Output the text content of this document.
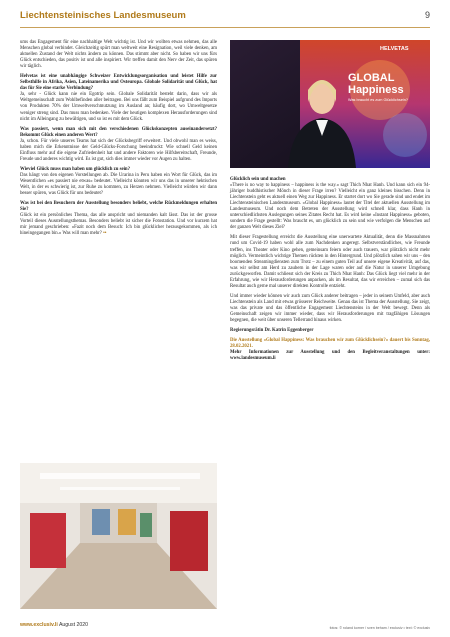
Liechtensteinisches Landesmuseum	9
HELVETAS
GLOBAL Happiness
Was braucht es zum Glücklichsein?

ums das Engagement für eine nachhaltige Welt wichtig ist. Und wir wollten etwas nehmen, das alle Menschen global verbindet. Gleichzeitig spürt man weltweit eine Resignation, weil viele denken, am aktuellen Zustand der Welt nichts ändern zu können. Das stimmt aber nicht. So haben wir uns fürs Glück entschieden, das positiv ist und alle inspiriert. Wir treffen damit den Nerv der Zeit, das spüren wir täglich.

Helvetas ist eine unabhängige Schweizer Entwicklungsorganisation und leistet Hilfe zur Selbsthilfe in Afrika, Asien, Lateinamerika und Osteuropa. Globale Solidarität und Glück, hat das für Sie eine starke Verbindung?
Ja, sehr - Glück kann nie ein Egotrip sein. Globale Solidarität besteht darin, dass wir als Weltgemeinschaft zum Wohlbefinden aller beitragen. Bei uns fällt zum Beispiel aufgrund des Imports von Produkten 70% der Umweltverschmutzung im Ausland an; häufig dort, wo Umweltgesetze weniger streng sind. Das muss man bedenken. Viele der heutigen komplexen Herausforderungen sind nicht im Alleingang zu bewältigen, und so ist es mit dem Glück.

Was passiert, wenn man sich mit den verschiedenen Glückskonzepten auseinandersetzt? Bekommt Glück einen anderen Wert?
Ja, schon. Für viele unseres Teams hat sich der Glücksbegriff erweitert. Und obwohl man es weiss, haben mich die Erkenntnisse der Geld-Glücks-Forschung beeindruckt: Wie schnell Geld keinen Einfluss mehr auf die eigene Zufriedenheit hat und andere Faktoren wie Hilfsbereitschaft, Freunde, Freude und anderes wichtig wird. Es ist gut, sich dies immer wieder vor Augen zu halten.

Wieviel Glück muss man haben um glücklich zu sein?
Das hängt von den eigenen Vorstellungen ab. Die Urarina in Peru haben ein Wort für Glück, das im Wesentlichen «es passiert nie etwas» bedeutet. Vielleicht könnten wir uns das in unserer hektischen Welt, in der es schwierig ist, zur Ruhe zu kommen, zu Herzen nehmen. Vielleicht würden wir dann besser spüren, was Glück für uns bedeutet?

Was ist bei den Besuchern der Ausstellung besonders beliebt, welche Rückmeldungen erhalten Sie?
Glück ist ein persönliches Thema, das alle anspricht und niemanden kalt lässt. Das ist der grosse Vorteil dieses Ausstellungsthemas. Besonders beliebt ist sicher die Fotostation. Und vor kurzem hat mir jemand geschrieben: «Fazit noch dem Besuch: Ich bin glücklicher herausgekommen, als ich hineingegangen bin.» Was will man mehr? ••

Glücklich sein und machen
«There is no way to happiness – happiness is the way.» sagt Thich Nhat Hanh. Und kann sich ein 94-jähriger buddhistischer Mönch in dieser Frage irren? Vielleicht ein ganz kleines bisschen. Denn in Liechtenstein geht es aktuell einen Weg zur Happiness. Er startet dort wo Sie gerade sind und endet im Liechtensteinischen Landesmuseum. «Global Happiness» lautet der Titel der aktuellen Ausstellung im Landesmuseum. Und noch dem Betreten der Ausstellung wird schnell klar, dass Hanh in unterschiedlichsten Auslegungen seines Zitates Recht hat. Es wird keine «Instant Happiness» geboten, sondern die Frage gestellt: Was braucht es, um glücklich zu sein und wie verfolgen die Menschen auf der ganzen Welt dieses Ziel?

Mit dieser Fragestellung erreicht die Ausstellung eine unerwartete Aktualität, denn die Massnahmen rund um Covid-19 haben wohl alle zum Nachdenken angeregt. Selbstverständliches, wie Freunde treffen, ins Theater oder Kino gehen, gemeinsam feiern oder auch trauern, war plötzlich nicht mehr möglich. Vermeintlich wichtige Themen rückten in den Hintergrund. Und plötzlich sahen wir uns – den boomenden Streamingdiensten zum Trotz – zu einem guten Teil auf unsere eigene Kreativität, auf das, was wir selbst am Herd zu zaubern in der Lage waren oder auf die Natur in unserer Umgebung zurückgeworfen. Damit schliesst sich der Kreis zu Thich Nhat Hanh: Das Glück liegt viel mehr in der Erfahrung, wie wir Herausforderungen anpacken, als im Resultat, das wir erreichen – zumal sich das Resultat auch gerne mal unserer direkten Kontrolle entzieht.

Und immer wieder können wir auch zum Glück anderer beitragen – jeder in seinem Umfeld, aber auch Liechtenstein als Land mit etwas grösserer Reichweite. Genau das ist Thema der Ausstellung. Sie zeigt, was das private und das öffentliche Engagement Liechtensteins in der Welt bewegt. Denn als Gemeinschaft zeigen wir immer wieder, dass wir Herausforderungen mit tragfähigen Lösungen begegnen, die weit über unseren Tellerrand hinaus wirken.

Regierungsrätin Dr. Katrin Eggenberger

Die Ausstellung «Global Happiness: Was brauchen wir zum Glücklichsein?» dauert bis Sonntag, 28.02.2021.
Mehr Informationen zur Ausstellung und den Begleitveranstaltungen unter: www.landesmuseum.li

fotos: © roland korner / sven beham / exclusiv • text: © exclusiv
www.exclusiv.li August 2020
